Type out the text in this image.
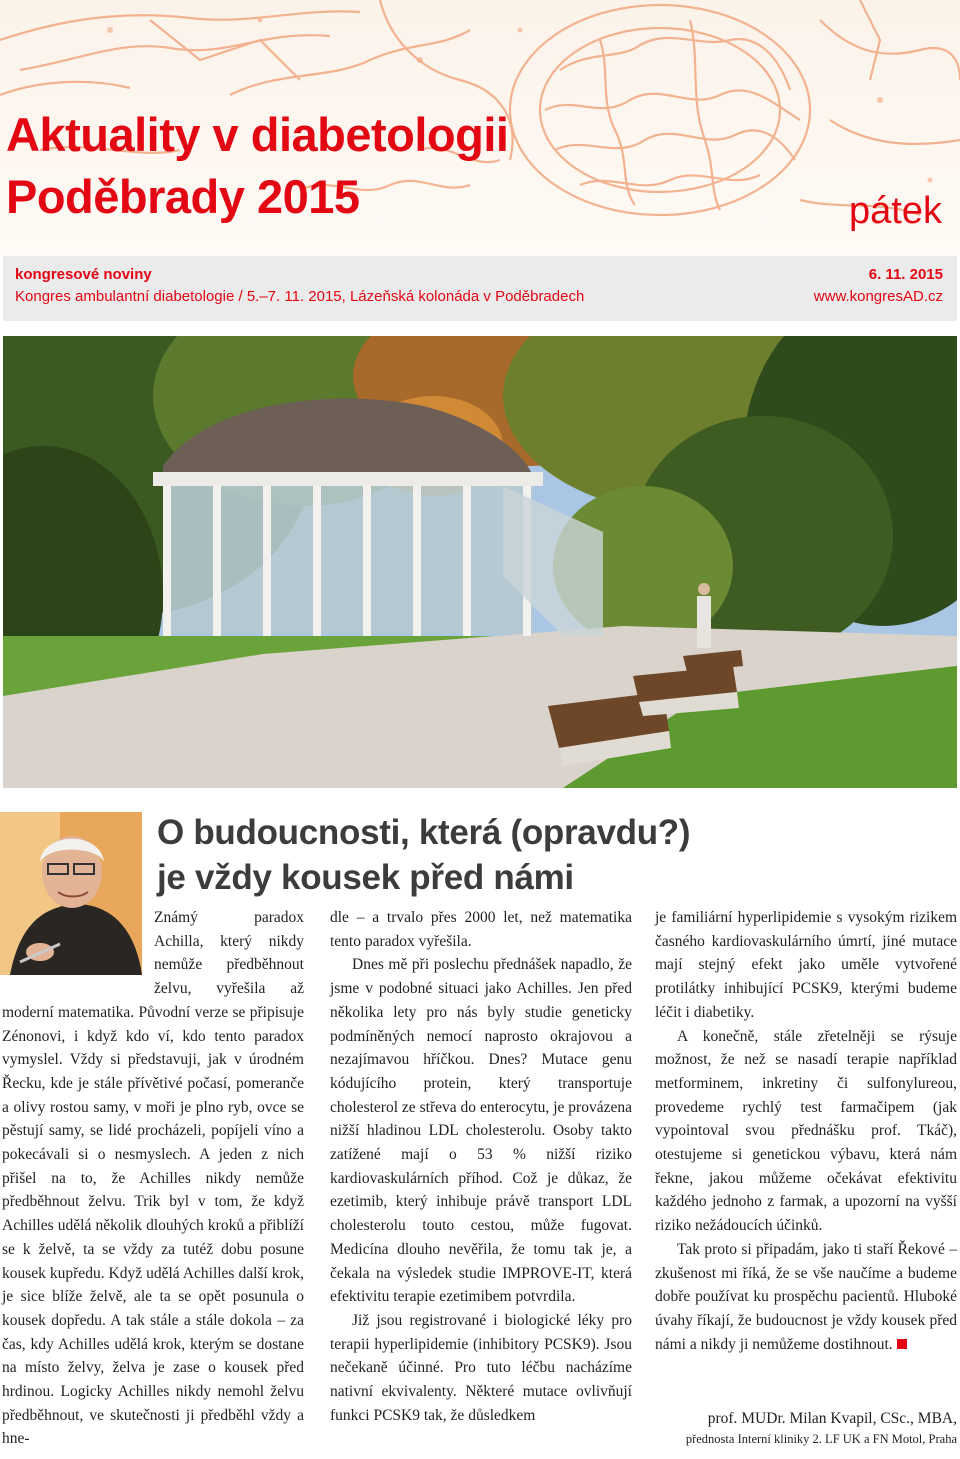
Aktuality v diabetologii
Poděbrady 2015	pátek
kongresové noviny
Kongres ambulantní diabetologie / 5.–7. 11. 2015, Lázeňská kolonáda v Poděbradech
6. 11. 2015
www.kongresAD.cz
O budoucnosti, která (opravdu?)
je vždy kousek před námi

Známý paradox Achilla, který nikdy nemůže předběhnout želvu, vyřešila až moderní matematika. Původní verze se připisuje Zénonovi, i když kdo ví, kdo tento paradox vymyslel. Vždy si představuji, jak v úrodném Řecku, kde je stále přívětivé počasí, pomeranče a olivy rostou samy, v moři je plno ryb, ovce se pěstují samy, se lidé procházeli, popíjeli víno a pokecávali si o nesmyslech. A jeden z nich přišel na to, že Achilles nikdy nemůže předběhnout želvu. Trik byl v tom, že když Achilles udělá několik dlouhých kroků a přiblíží se k želvě, ta se vždy za tutéž dobu posune kousek kupředu. Když udělá Achilles další krok, je sice blíže želvě, ale ta se opět posunula o kousek dopředu. A tak stále a stále dokola – za čas, kdy Achilles udělá krok, kterým se dostane na místo želvy, želva je zase o kousek před hrdinou. Logicky Achilles nikdy nemohl želvu předběhnout, ve skutečnosti ji předběhl vždy a hne-

dle – a trvalo přes 2000 let, než matematika tento paradox vyřešila.

Dnes mě při poslechu přednášek napadlo, že jsme v podobné situaci jako Achilles. Jen před několika lety pro nás byly studie geneticky podmíněných nemocí naprosto okrajovou a nezajímavou hříčkou. Dnes? Mutace genu kódujícího protein, který transportuje cholesterol ze střeva do enterocytu, je provázena nižší hladinou LDL cholesterolu. Osoby takto zatížené mají o 53 % nižší riziko kardiovaskulárních příhod. Což je důkaz, že ezetimib, který inhibuje právě transport LDL cholesterolu touto cestou, může fugovat. Medicína dlouho nevěřila, že tomu tak je, a čekala na výsledek studie IMPROVE-IT, která efektivitu terapie ezetimibem potvrdila.

Již jsou registrované i biologické léky pro terapii hyperlipidemie (inhibitory PCSK9). Jsou nečekaně účinné. Pro tuto léčbu nacházíme nativní ekvivalenty. Některé mutace ovlivňují funkci PCSK9 tak, že důsledkem

je familiární hyperlipidemie s vysokým rizikem časného kardiovaskulárního úmrtí, jiné mutace mají stejný efekt jako uměle vytvořené protilátky inhibující PCSK9, kterými budeme léčit i diabetiky.

A konečně, stále zřetelněji se rýsuje možnost, že než se nasadí terapie například metforminem, inkretiny či sulfonylureou, provedeme rychlý test farmačipem (jak vypointoval svou přednášku prof. Tkáč), otestujeme si genetickou výbavu, která nám řekne, jakou můžeme očekávat efektivitu každého jednoho z farmak, a upozorní na vyšší riziko nežádoucích účinků.

Tak proto si připadám, jako ti staří Řekové – zkušenost mi říká, že se vše naučíme a budeme dobře používat ku prospěchu pacientů. Hluboké úvahy říkají, že budoucnost je vždy kousek před námi a nikdy ji nemůžeme dostihnout.

prof. MUDr. Milan Kvapil, CSc., MBA,
přednosta Interní kliniky 2. LF UK a FN Motol, Praha
